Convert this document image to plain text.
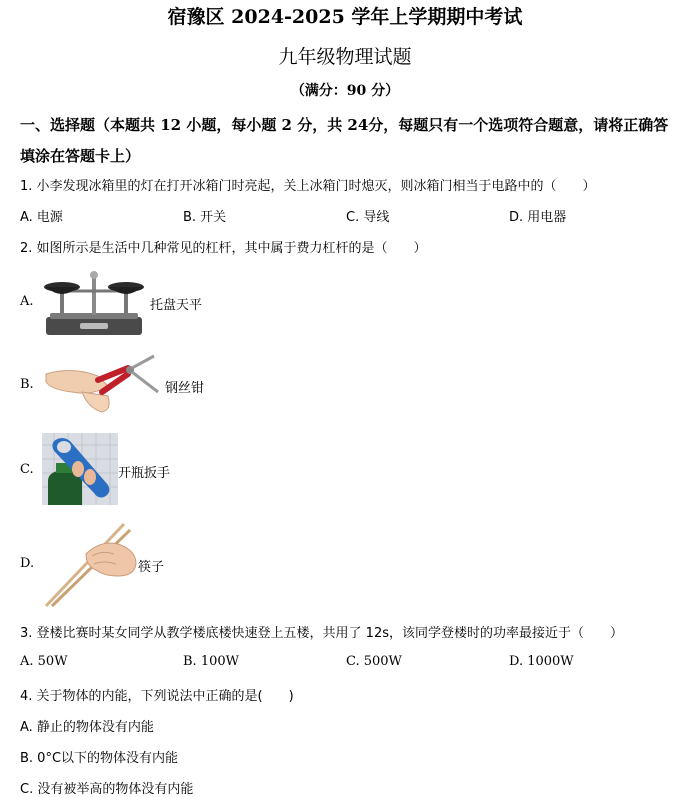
宿豫区 2024-2025 学年上学期期中考试
九年级物理试题
（满分：90 分）
一、选择题（本题共 12 小题，每小题 2 分，共 24分，每题只有一个选项符合题意，请将正确答填涂在答题卡上）
1. 小李发现冰箱里的灯在打开冰箱门时亮起，关上冰箱门时熄灭，则冰箱门相当于电路中的（　　）
A. 电源	B. 开关	C. 导线	D. 用电器
2. 如图所示是生活中几种常见的杠杆，其中属于费力杠杆的是（　　）
A.	托盘天平
B.	钢丝钳
C.	开瓶扳手
D.	筷子
3. 登楼比赛时某女同学从教学楼底楼快速登上五楼，共用了 12s，该同学登楼时的功率最接近于（　　）
A. 50W	B. 100W	C. 500W	D. 1000W
4. 关于物体的内能，下列说法中正确的是(　　)
A. 静止的物体没有内能
B. 0°C以下的物体没有内能
C. 没有被举高的物体没有内能
